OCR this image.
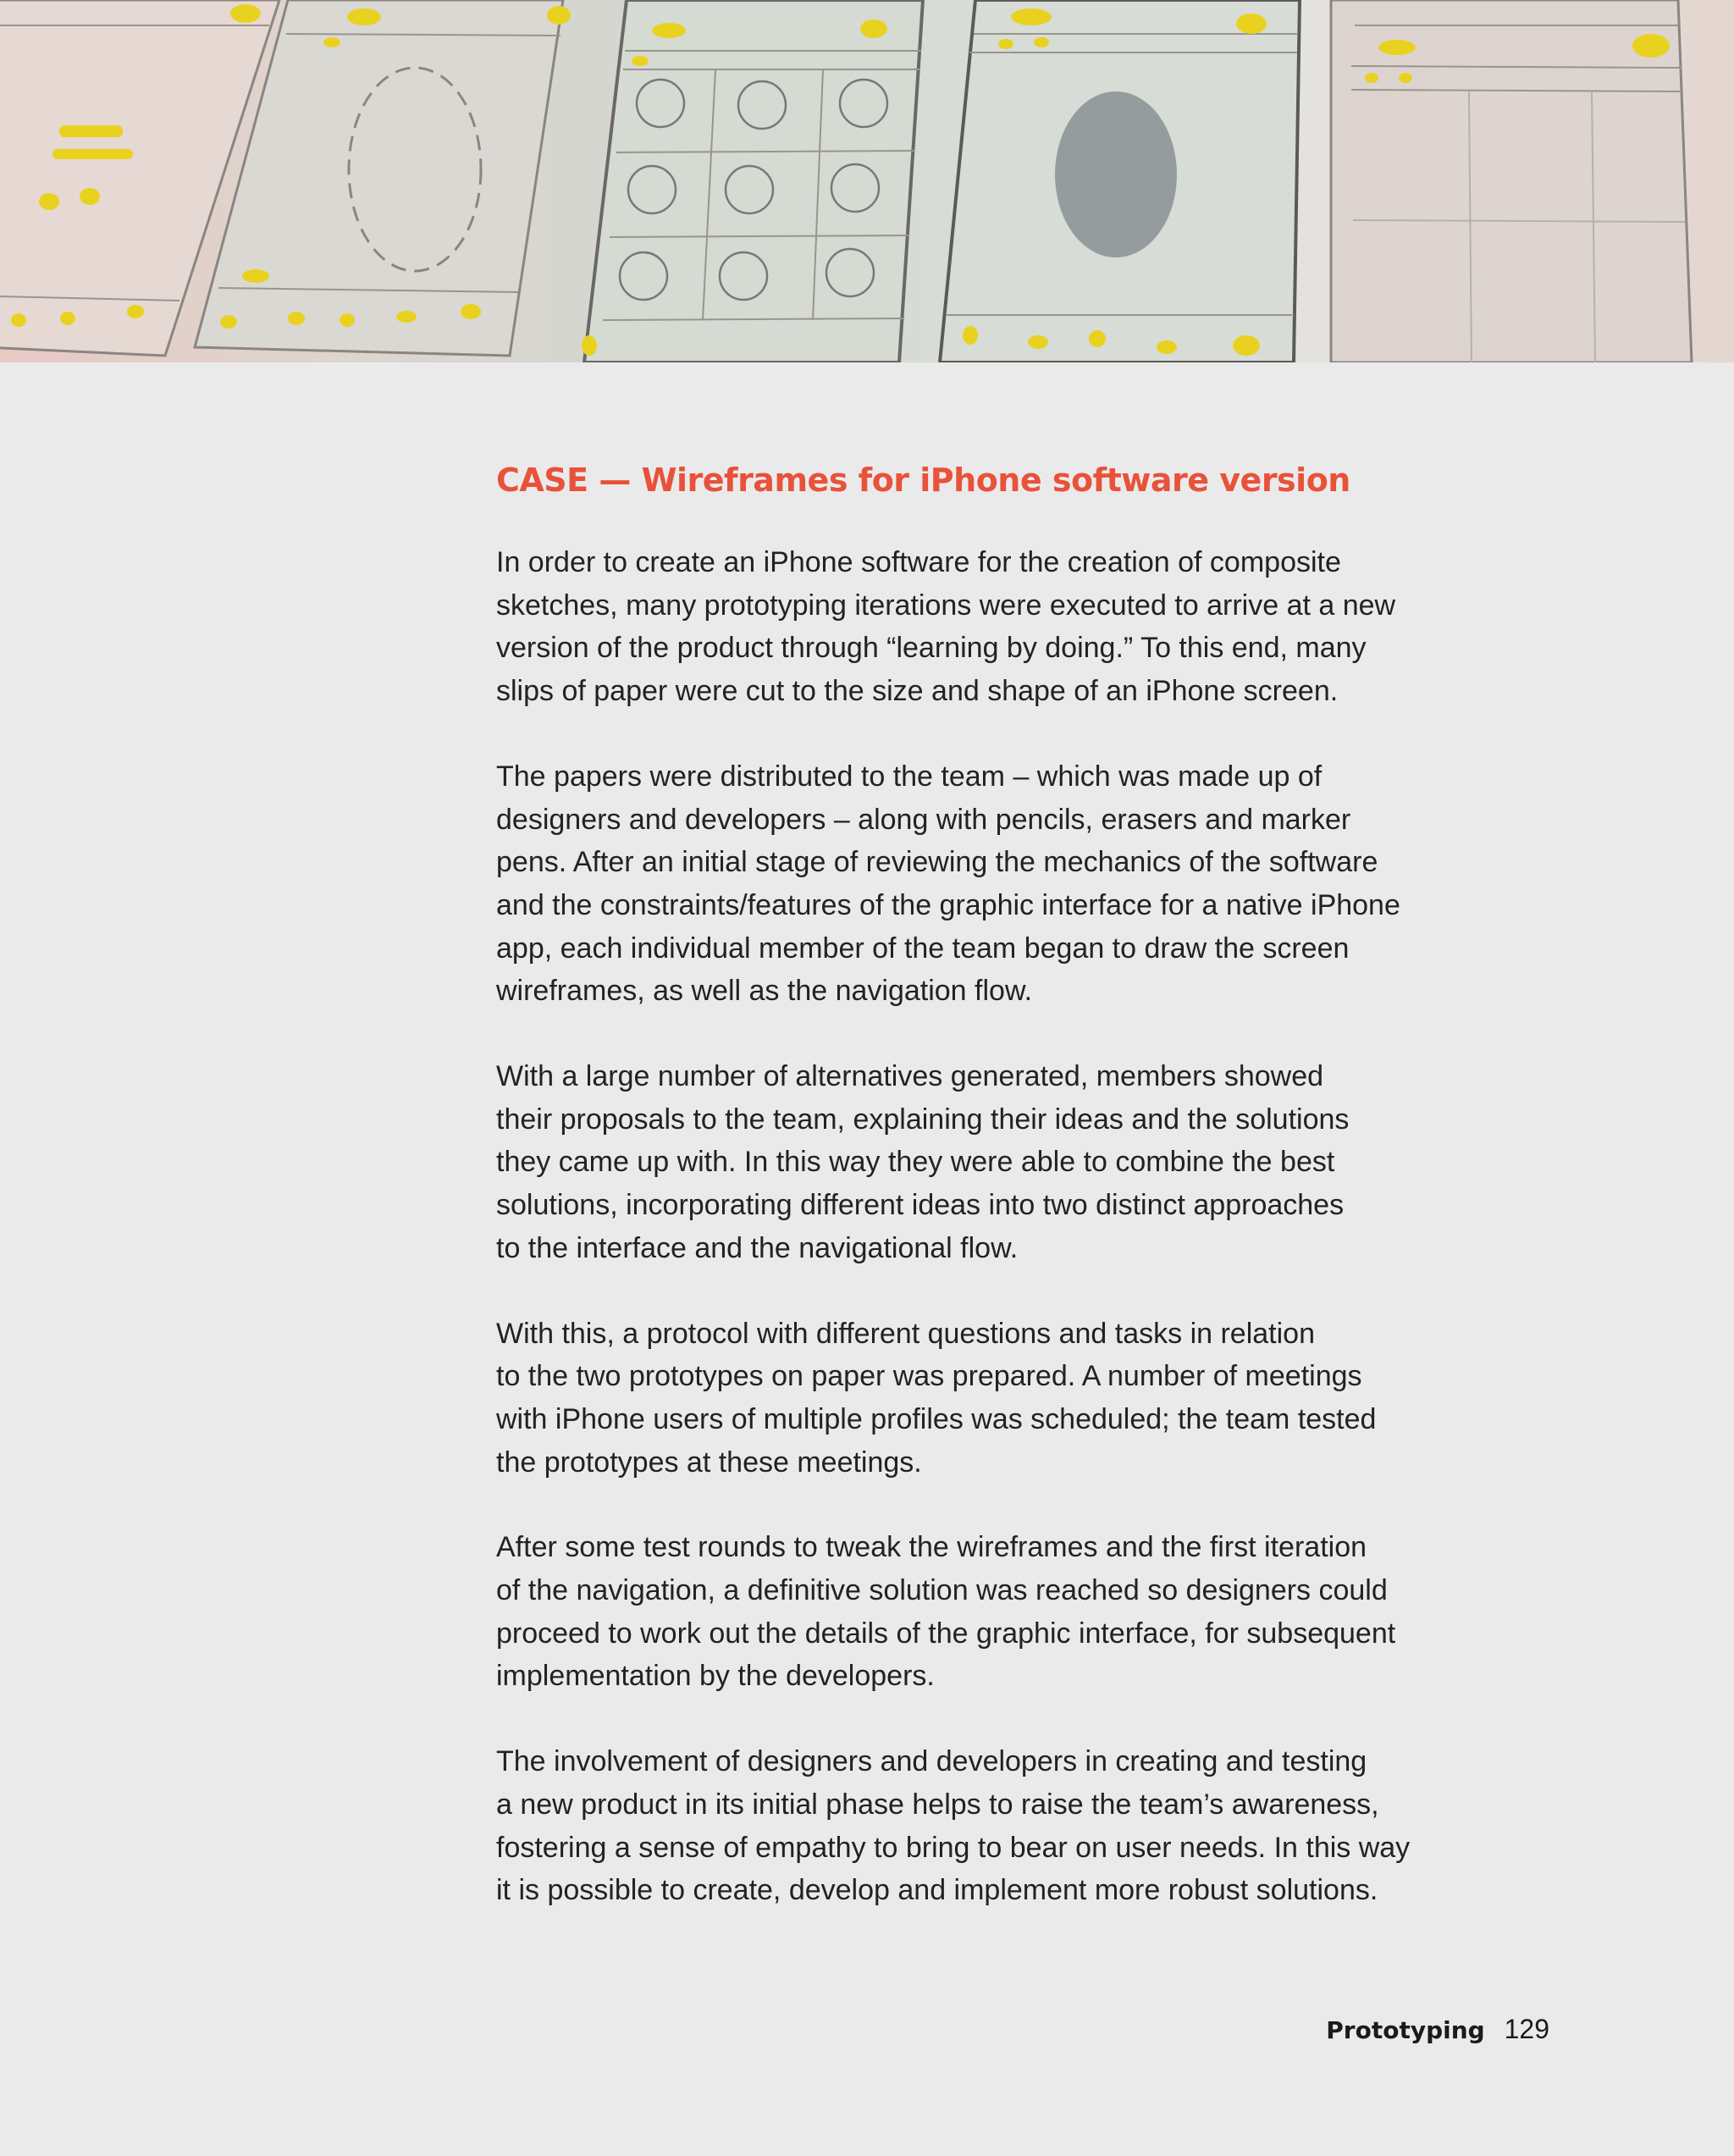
CASE — Wireframes for iPhone software version

In order to create an iPhone software for the creation of composite
sketches, many prototyping iterations were executed to arrive at a new
version of the product through “learning by doing.” To this end, many
slips of paper were cut to the size and shape of an iPhone screen.

The papers were distributed to the team – which was made up of
designers and developers – along with pencils, erasers and marker
pens. After an initial stage of reviewing the mechanics of the software
and the constraints/features of the graphic interface for a native iPhone
app, each individual member of the team began to draw the screen
wireframes, as well as the navigation flow.

With a large number of alternatives generated, members showed
their proposals to the team, explaining their ideas and the solutions
they came up with. In this way they were able to combine the best
solutions, incorporating different ideas into two distinct approaches
to the interface and the navigational flow.

With this, a protocol with different questions and tasks in relation
to the two prototypes on paper was prepared. A number of meetings
with iPhone users of multiple profiles was scheduled; the team tested
the prototypes at these meetings.

After some test rounds to tweak the wireframes and the first iteration
of the navigation, a definitive solution was reached so designers could
proceed to work out the details of the graphic interface, for subsequent
implementation by the developers.

The involvement of designers and developers in creating and testing
a new product in its initial phase helps to raise the team’s awareness,
fostering a sense of empathy to bring to bear on user needs. In this way
it is possible to create, develop and implement more robust solutions.

Prototyping 129
